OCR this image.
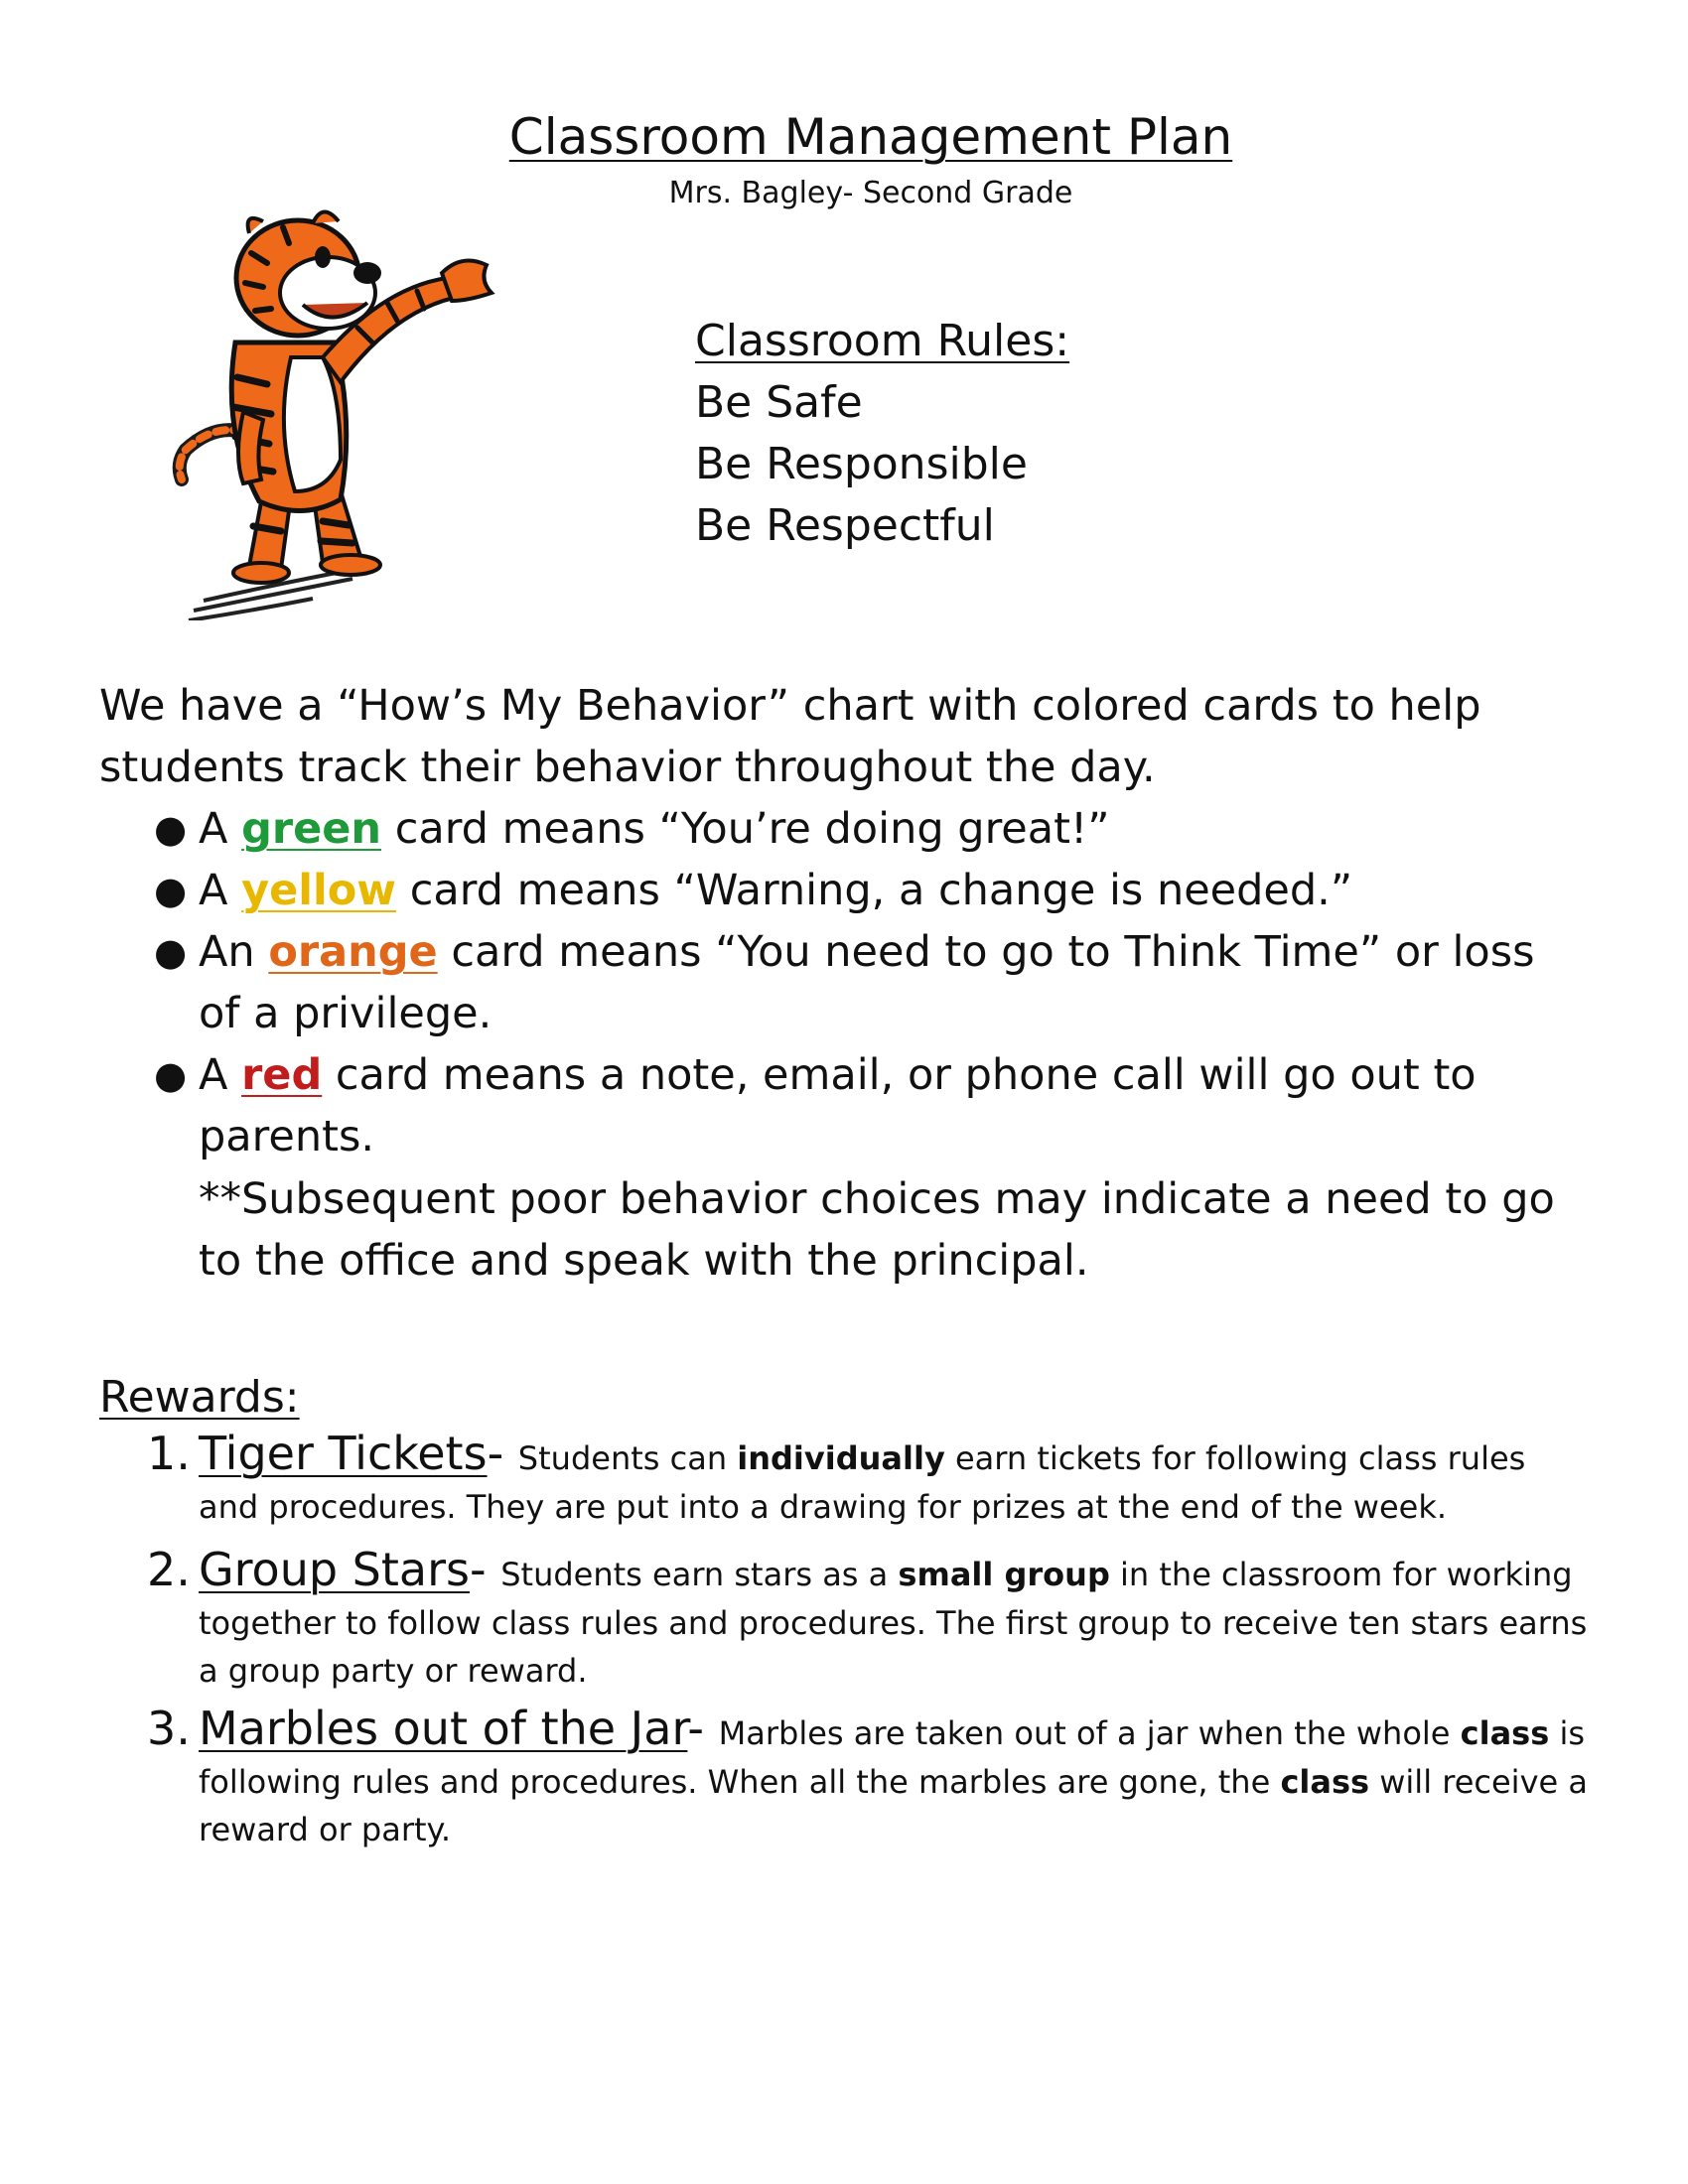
Classroom Management Plan
Mrs. Bagley- Second Grade
Classroom Rules:
Be Safe
Be Responsible
Be Respectful
We have a “How’s My Behavior” chart with colored cards to help students track their behavior throughout the day.
● A green card means “You’re doing great!”
● A yellow card means “Warning, a change is needed.”
● An orange card means “You need to go to Think Time” or loss of a privilege.
● A red card means a note, email, or phone call will go out to parents.
**Subsequent poor behavior choices may indicate a need to go to the office and speak with the principal.
Rewards:
1. Tiger Tickets- Students can individually earn tickets for following class rules and procedures. They are put into a drawing for prizes at the end of the week.
2. Group Stars- Students earn stars as a small group in the classroom for working together to follow class rules and procedures. The first group to receive ten stars earns a group party or reward.
3. Marbles out of the Jar- Marbles are taken out of a jar when the whole class is following rules and procedures. When all the marbles are gone, the class will receive a reward or party.
